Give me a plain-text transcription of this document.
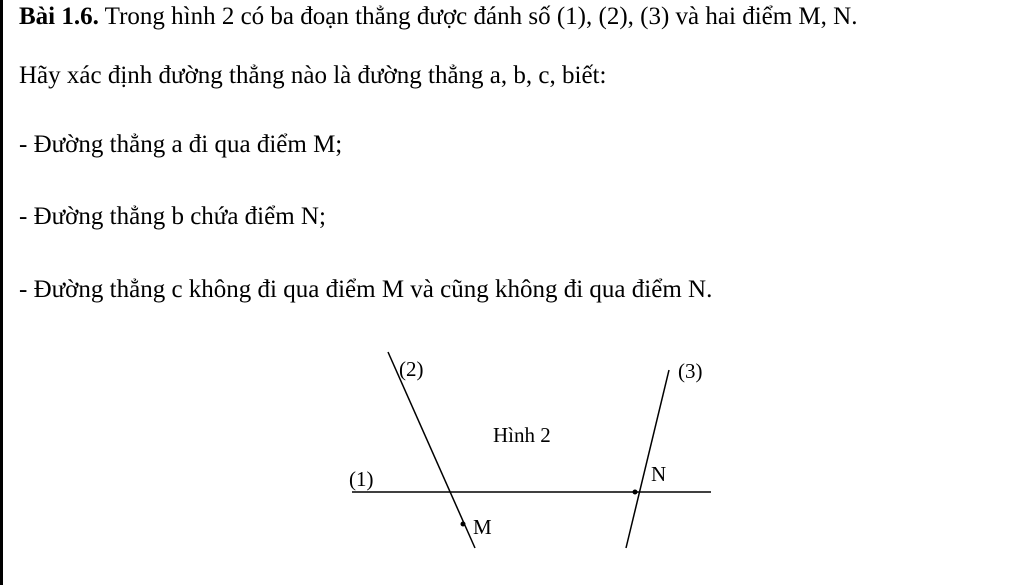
Bài 1.6. Trong hình 2 có ba đoạn thẳng được đánh số (1), (2), (3) và hai điểm M, N.
Hãy xác định đường thẳng nào là đường thẳng a, b, c, biết:
- Đường thẳng a đi qua điểm M;
- Đường thẳng b chứa điểm N;
- Đường thẳng c không đi qua điểm M và cũng không đi qua điểm N.
(2)	(3)
(1)
Hình 2
N
M
